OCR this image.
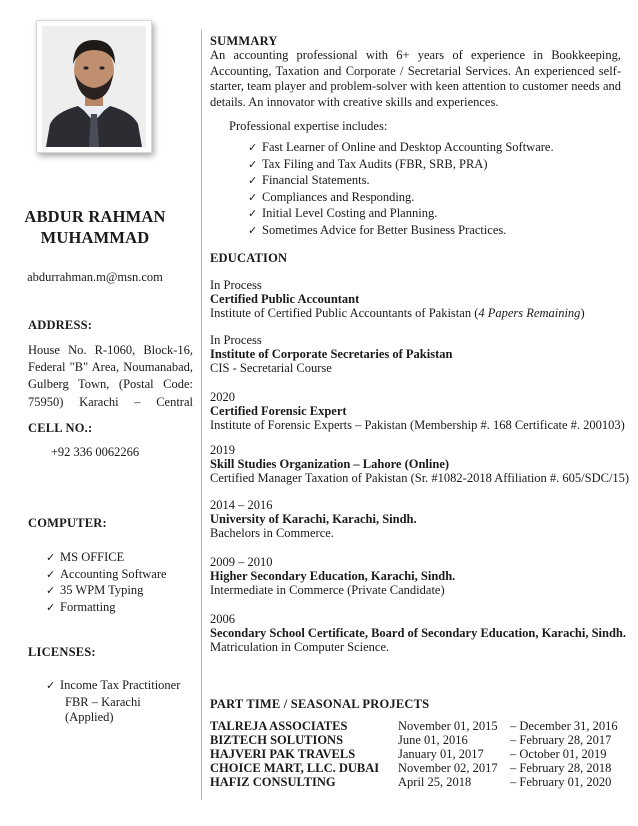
ABDUR RAHMAN
MUHAMMAD
abdurrahman.m@msn.com
ADDRESS:
House No. R-1060, Block-16,
Federal "B" Area, Noumanabad,
Gulberg Town, (Postal Code:
75950) Karachi – Central
CELL NO.:
+92 336 0062266
COMPUTER:
✓ MS OFFICE
✓ Accounting Software
✓ 35 WPM Typing
✓ Formatting
LICENSES:
✓ Income Tax Practitioner
FBR – Karachi
(Applied)
SUMMARY
An accounting professional with 6+ years of experience in Bookkeeping, Accounting, Taxation and Corporate / Secretarial Services. An experienced self-starter, team player and problem-solver with keen attention to customer needs and details. An innovator with creative skills and experiences.
Professional expertise includes:
✓ Fast Learner of Online and Desktop Accounting Software.
✓ Tax Filing and Tax Audits (FBR, SRB, PRA)
✓ Financial Statements.
✓ Compliances and Responding.
✓ Initial Level Costing and Planning.
✓ Sometimes Advice for Better Business Practices.
EDUCATION
In Process
Certified Public Accountant
Institute of Certified Public Accountants of Pakistan (4 Papers Remaining)
In Process
Institute of Corporate Secretaries of Pakistan
CIS - Secretarial Course
2020
Certified Forensic Expert
Institute of Forensic Experts – Pakistan (Membership #. 168 Certificate #. 200103)
2019
Skill Studies Organization – Lahore (Online)
Certified Manager Taxation of Pakistan (Sr. #1082-2018 Affiliation #. 605/SDC/15)
2014 – 2016
University of Karachi, Karachi, Sindh.
Bachelors in Commerce.
2009 – 2010
Higher Secondary Education, Karachi, Sindh.
Intermediate in Commerce (Private Candidate)
2006
Secondary School Certificate, Board of Secondary Education, Karachi, Sindh.
Matriculation in Computer Science.
PART TIME / SEASONAL PROJECTS
TALREJA ASSOCIATES	November 01, 2015 – December 31, 2016
BIZTECH SOLUTIONS	June 01, 2016	– February 28, 2017
HAJVERI PAK TRAVELS	January 01, 2017 – October 01, 2019
CHOICE MART, LLC. DUBAI November 02, 2017 – February 28, 2018
HAFIZ CONSULTING	April 25, 2018	– February 01, 2020
